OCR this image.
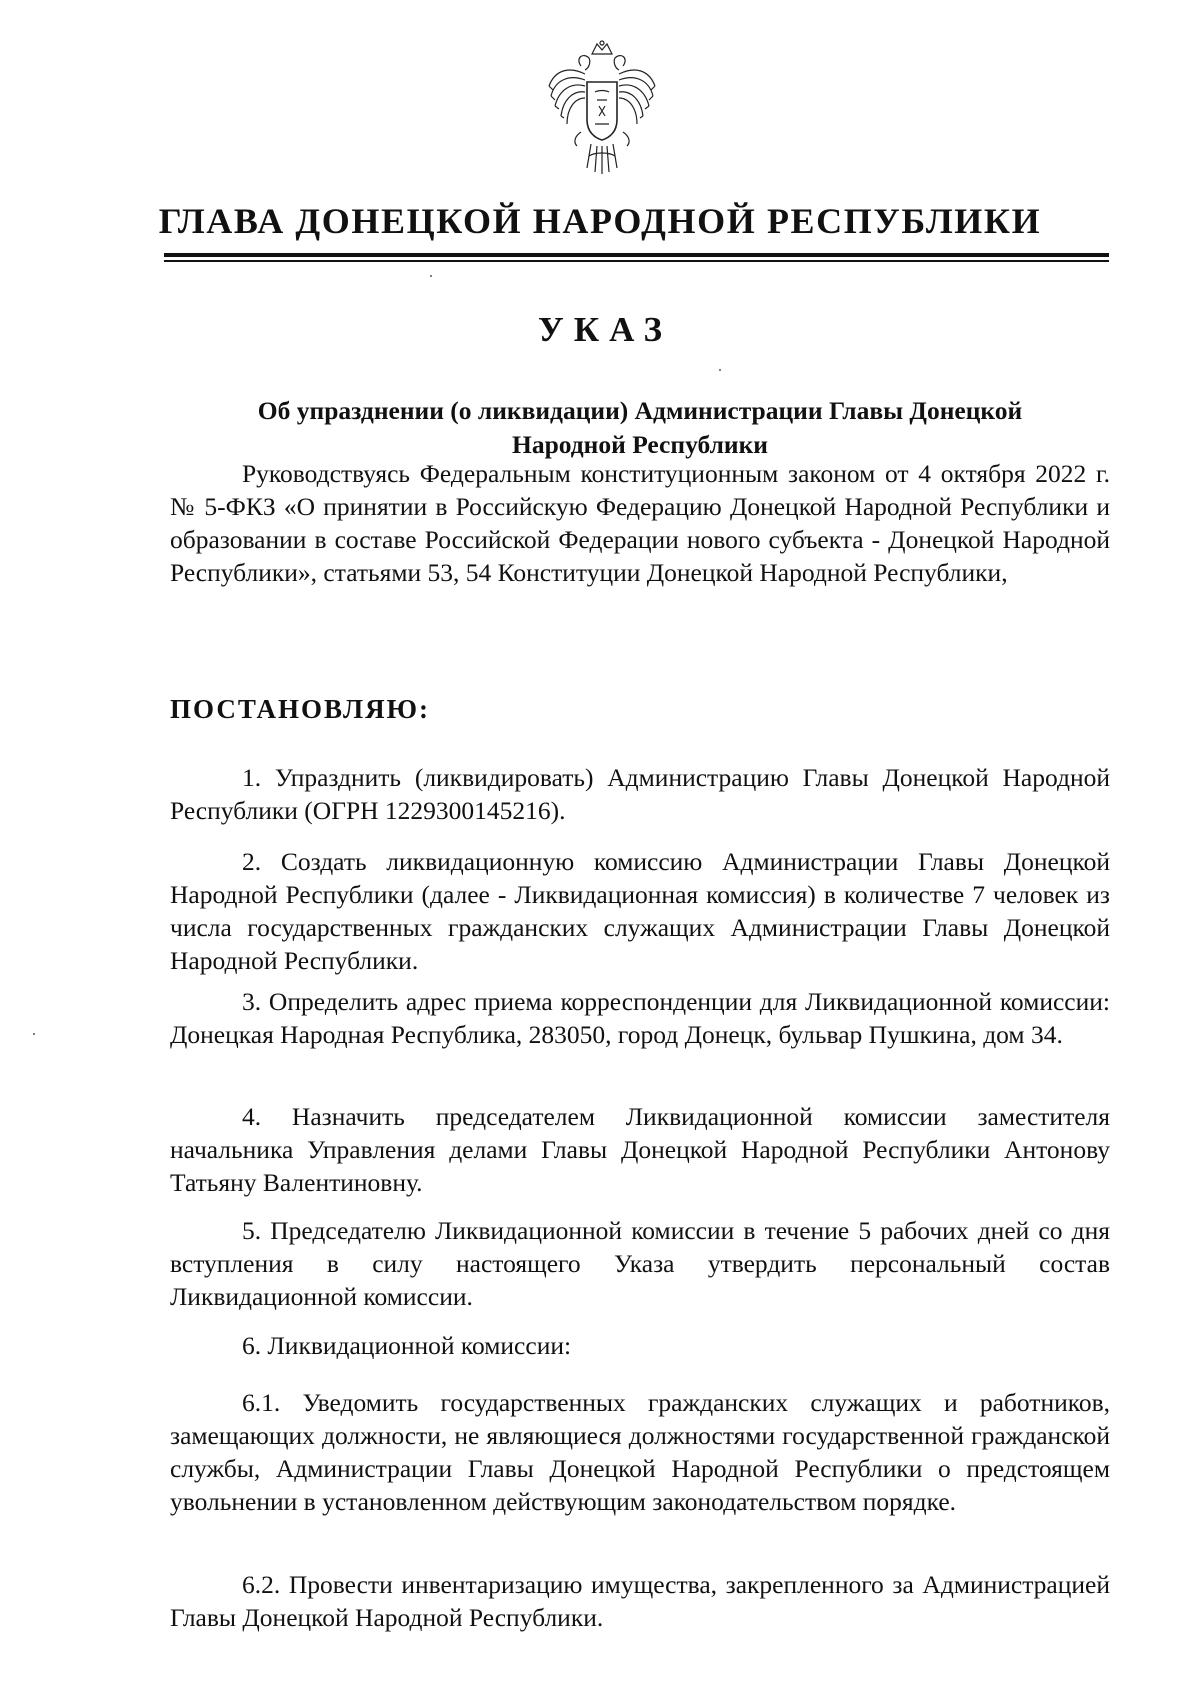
ГЛАВА ДОНЕЦКОЙ НАРОДНОЙ РЕСПУБЛИКИ
УКАЗ
Об упразднении (о ликвидации) Администрации Главы Донецкой Народной Республики
Руководствуясь Федеральным конституционным законом от 4 октября 2022 г. № 5-ФКЗ «О принятии в Российскую Федерацию Донецкой Народной Республики и образовании в составе Российской Федерации нового субъекта - Донецкой Народной Республики», статьями 53, 54 Конституции Донецкой Народной Республики,
ПОСТАНОВЛЯЮ:
1. Упразднить (ликвидировать) Администрацию Главы Донецкой Народной Республики (ОГРН 1229300145216).
2. Создать ликвидационную комиссию Администрации Главы Донецкой Народной Республики (далее - Ликвидационная комиссия) в количестве 7 человек из числа государственных гражданских служащих Администрации Главы Донецкой Народной Республики.
3. Определить адрес приема корреспонденции для Ликвидационной комиссии: Донецкая Народная Республика, 283050, город Донецк, бульвар Пушкина, дом 34.
4. Назначить председателем Ликвидационной комиссии заместителя начальника Управления делами Главы Донецкой Народной Республики Антонову Татьяну Валентиновну.
5. Председателю Ликвидационной комиссии в течение 5 рабочих дней со дня вступления в силу настоящего Указа утвердить персональный состав Ликвидационной комиссии.
6. Ликвидационной комиссии:
6.1. Уведомить государственных гражданских служащих и работников, замещающих должности, не являющиеся должностями государственной гражданской службы, Администрации Главы Донецкой Народной Республики о предстоящем увольнении в установленном действующим законодательством порядке.
6.2. Провести инвентаризацию имущества, закрепленного за Администрацией Главы Донецкой Народной Республики.
